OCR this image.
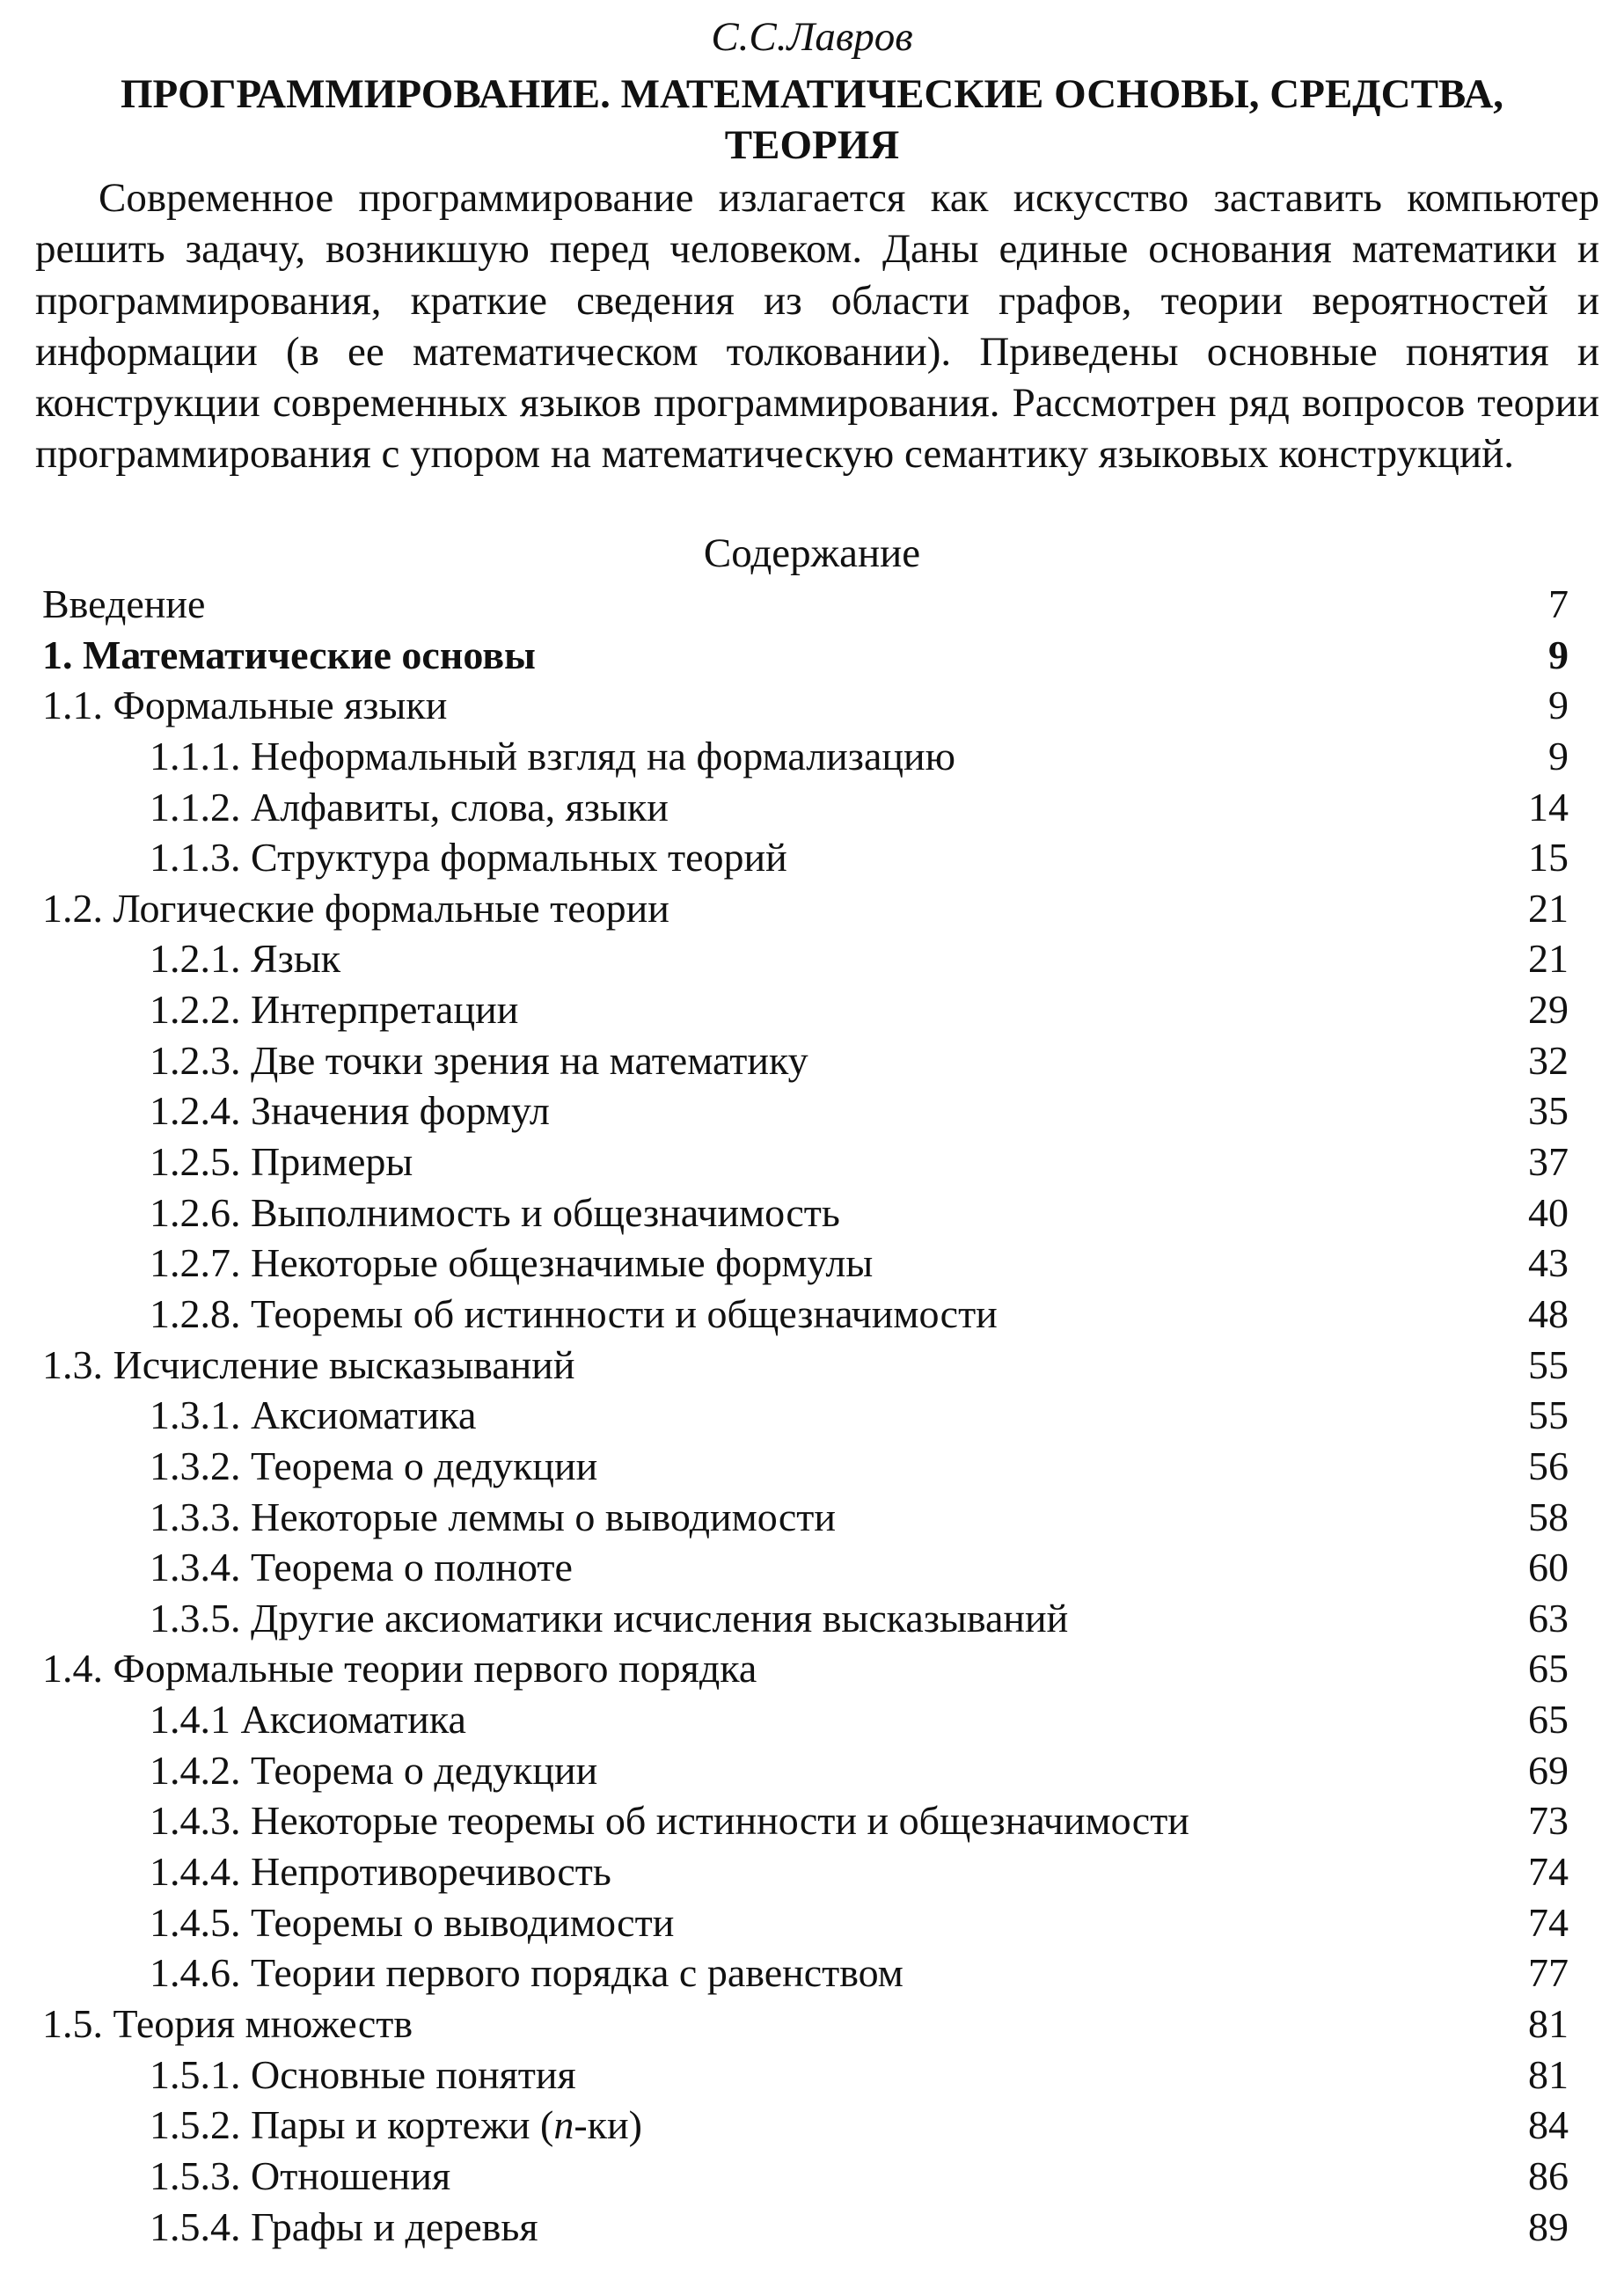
С.С.Лавров
ПРОГРАММИРОВАНИЕ. МАТЕМАТИЧЕСКИЕ ОСНОВЫ, СРЕДСТВА, ТЕОРИЯ
Современное программирование излагается как искусство заставить компьютер решить задачу, возникшую перед человеком. Даны единые основания математики и программирования, краткие сведения из области графов, теории вероятностей и информации (в ее математическом толковании). Приведены основные понятия и конструкции современных языков программирования. Рассмотрен ряд вопросов теории программирования с упором на математическую семантику языковых конструкций.
Содержание
Введение	7
1. Математические основы	9
1.1. Формальные языки	9
1.1.1. Неформальный взгляд на формализацию	9
1.1.2. Алфавиты, слова, языки	14
1.1.3. Структура формальных теорий	15
1.2. Логические формальные теории	21
1.2.1. Язык	21
1.2.2. Интерпретации	29
1.2.3. Две точки зрения на математику	32
1.2.4. Значения формул	35
1.2.5. Примеры	37
1.2.6. Выполнимость и общезначимость	40
1.2.7. Некоторые общезначимые формулы	43
1.2.8. Теоремы об истинности и общезначимости	48
1.3. Исчисление высказываний	55
1.3.1. Аксиоматика	55
1.3.2. Теорема о дедукции	56
1.3.3. Некоторые леммы о выводимости	58
1.3.4. Теорема о полноте	60
1.3.5. Другие аксиоматики исчисления высказываний	63
1.4. Формальные теории первого порядка	65
1.4.1 Аксиоматика	65
1.4.2. Теорема о дедукции	69
1.4.3. Некоторые теоремы об истинности и общезначимости	73
1.4.4. Непротиворечивость	74
1.4.5. Теоремы о выводимости	74
1.4.6. Теории первого порядка с равенством	77
1.5. Теория множеств	81
1.5.1. Основные понятия	81
1.5.2. Пары и кортежи (n-ки)	84
1.5.3. Отношения	86
1.5.4. Графы и деревья	89
